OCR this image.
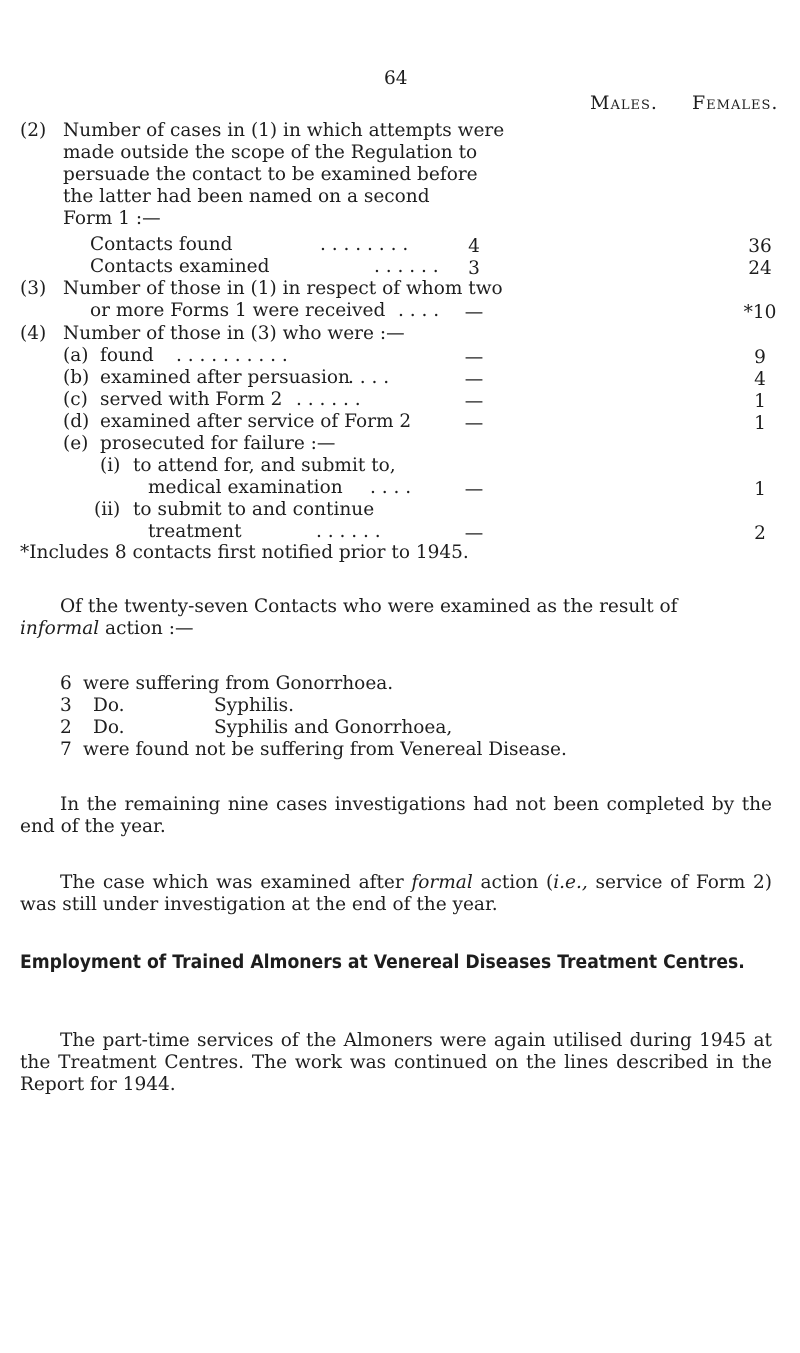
64
Males. Females.
(2) Number of cases in (1) in which attempts were
made outside the scope of the Regulation to
persuade the contact to be examined before
the latter had been named on a second
Form 1 :—
Contacts found	. . . . . . . .	4	36
Contacts examined	. . . . . .	3	24
(3) Number of those in (1) in respect of whom two
or more Forms 1 were received . . . .	—	*10
(4) Number of those in (3) who were :—
(a) found . . . . . . . . . .	—	9
(b) examined after persuasion
. . . .	—	4
(c) served with Form 2 . . . . . .	—	1
(d) examined after service of Form 2	—	1
(e) prosecuted for failure :—
(i) to attend for, and submit to,
medical examination . . . .	—	1
(ii) to submit to and continue
treatment	. . . . . .	—	2
*Includes 8 contacts first notified prior to 1945.
Of the twenty-seven Contacts who were examined as the result of
informal action :—
6 were suffering from Gonorrhoea.
3 Do.	Syphilis.
2 Do.	Syphilis and Gonorrhoea,
7 were found not be suffering from Venereal Disease.
In the remaining nine cases investigations had not been completed by the end of the year.
The case which was examined after formal action (i.e., service of Form 2) was still under investigation at the end of the year.
Employment of Trained Almoners at Venereal Diseases Treatment Centres.
The part-time services of the Almoners were again utilised during 1945 at the Treatment Centres. The work was continued on the lines described in the Report for 1944.
